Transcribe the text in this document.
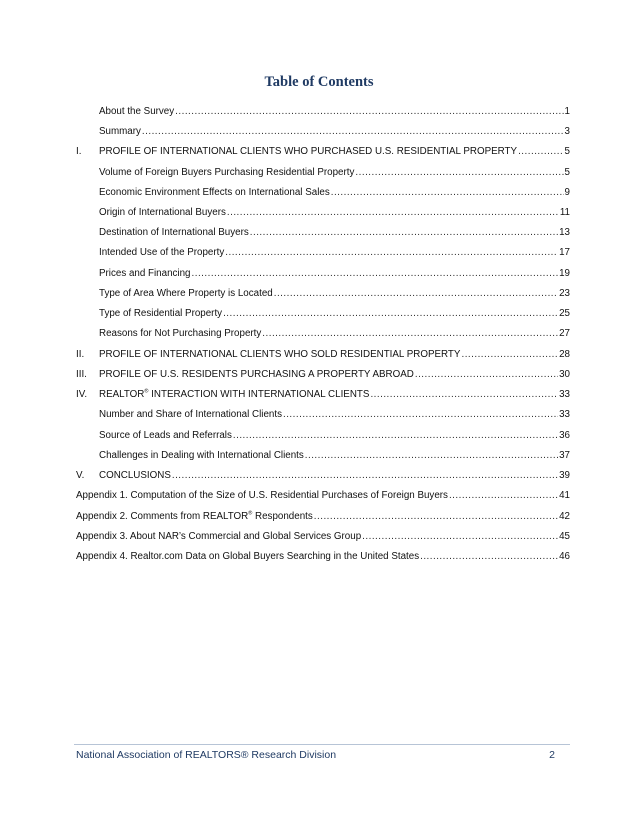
Table of Contents
About the Survey .....	1
Summary .....	3
I. PROFILE OF INTERNATIONAL CLIENTS WHO PURCHASED U.S. RESIDENTIAL PROPERTY .....	5
Volume of Foreign Buyers Purchasing Residential Property .....	5
Economic Environment Effects on International Sales .....	9
Origin of International Buyers .....	11
Destination of International Buyers .....	13
Intended Use of the Property .....	17
Prices and Financing .....	19
Type of Area Where Property is Located .....	23
Type of Residential Property .....	25
Reasons for Not Purchasing Property .....	27
II. PROFILE OF INTERNATIONAL CLIENTS WHO SOLD RESIDENTIAL PROPERTY .....	28
III. PROFILE OF U.S. RESIDENTS PURCHASING A PROPERTY ABROAD .....	30
IV. REALTOR® INTERACTION WITH INTERNATIONAL CLIENTS .....	33
Number and Share of International Clients .....	33
Source of Leads and Referrals .....	36
Challenges in Dealing with International Clients .....	37
V. CONCLUSIONS .....	39
Appendix 1. Computation of the Size of U.S. Residential Purchases of Foreign Buyers .....	41
Appendix 2. Comments from REALTOR® Respondents .....	42
Appendix 3. About NAR’s Commercial and Global Services Group .....	45
Appendix 4. Realtor.com Data on Global Buyers Searching in the United States .....	46
National Association of REALTORS® Research Division	2
